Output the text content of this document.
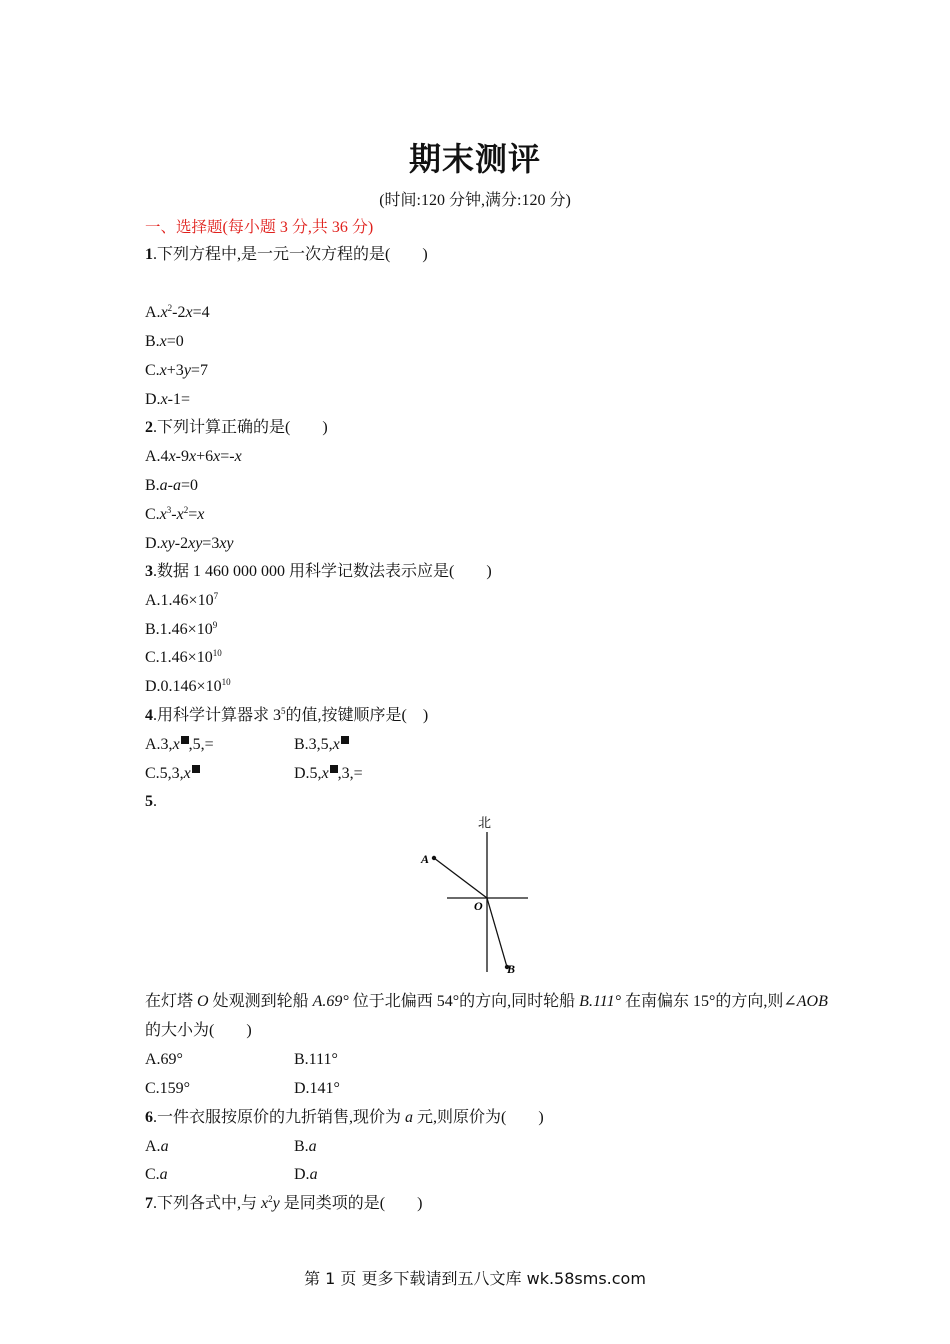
期末测评
(时间:120 分钟,满分:120 分)
一、选择题(每小题 3 分,共 36 分)
1.下列方程中,是一元一次方程的是(　　)
$A.x^2-2x=4$
B.x=0
C.x+3y=7
D.x-1=
2.下列计算正确的是(　　)
A.4x-9x+6x=-x
B.a-a=0
$C.x^3-x^2=x$
D.xy-2xy=3xy
3.数据 1 460 000 000 用科学记数法表示应是(　　)
$A.1.46\times 10^7$
$B.1.46\times 10^9$
$C.1.46\times 10^{10}$
$D.0.146\times 10^{10}$
4.用科学计算器求 $3^5$的值,按键顺序是(　)
A.3,x ,5,=	B.3,5,x
C.5,3,x	D.5,x ,3,=
5.
北
A
O
B
在灯塔 O 处观测到轮船 A.69° 位于北偏西 54°的方向,同时轮船 B.111° 在南偏东 15°的方向,则∠AOB
的大小为(　　)
A.69°	B.111°
C.159°	D.141°
6.一件衣服按原价的九折销售,现价为 a 元,则原价为(　　)
A.a	B.a
C.a	D.a
7.下列各式中,与 $x^2y$ 是同类项的是(　　)
第 1 页 更多下载请到五八文库 wk.58sms.com
